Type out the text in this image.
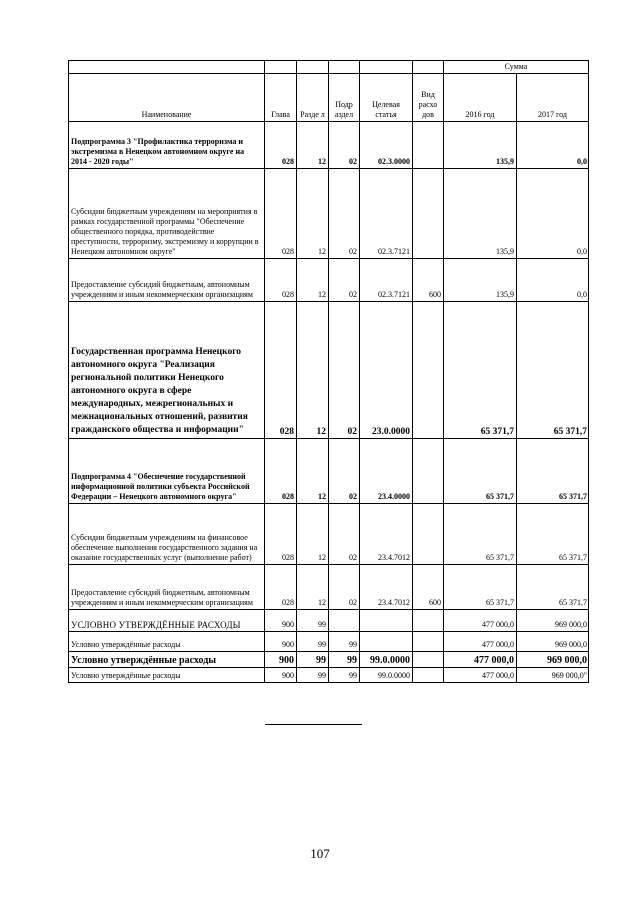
						Сумма	
Наименование	Глава	Разде л	Подр аздел	Целевая статья	Вид расхо дов	2016 год	2017 год
Подпрограмма 3 "Профилактика терроризма и экстремизма в Ненецком автономном округе на 2014 - 2020 годы"	028	12	02	02.3.0000		135,9	0,0
Субсидии бюджетным учреждениям на мероприятия в рамках государственной программы "Обеспечение общественного порядка, противодействие преступности, терроризму, экстремизму и коррупции в Ненецком автономном округе"	028	12	02	02.3.7121		135,9	0,0
Предоставление субсидий бюджетным, автономным учреждениям и иным некоммерческим организациям	028	12	02	02.3.7121	600	135,9	0,0
Государственная программа Ненецкого автономного округа "Реализация региональной политики Ненецкого автономного округа в сфере международных, межрегиональных и межнациональных отношений, развития гражданского общества и информации"	028	12	02	23.0.0000		65 371,7	65 371,7
Подпрограмма 4 "Обеспечение государственной информационной политики субъекта Российской Федерации – Ненецкого автономного округа"	028	12	02	23.4.0000		65 371,7	65 371,7
Субсидии бюджетным учреждениям на финансовое обеспечение выполнения государственного задания на оказание государственных услуг (выполнение работ)	028	12	02	23.4.7012		65 371,7	65 371,7
Предоставление субсидий бюджетным, автономным учреждениям и иным некоммерческим организациям	028	12	02	23.4.7012	600	65 371,7	65 371,7
УСЛОВНО УТВЕРЖДЁННЫЕ РАСХОДЫ	900	99				477 000,0	969 000,0
Условно утверждённые расходы	900	99	99			477 000,0	969 000,0
Условно утверждённые расходы	900	99	99	99.0.0000		477 000,0	969 000,0
Условно утверждённые расходы	900	99	99	99.0.0000		477 000,0	969 000,0"
107
